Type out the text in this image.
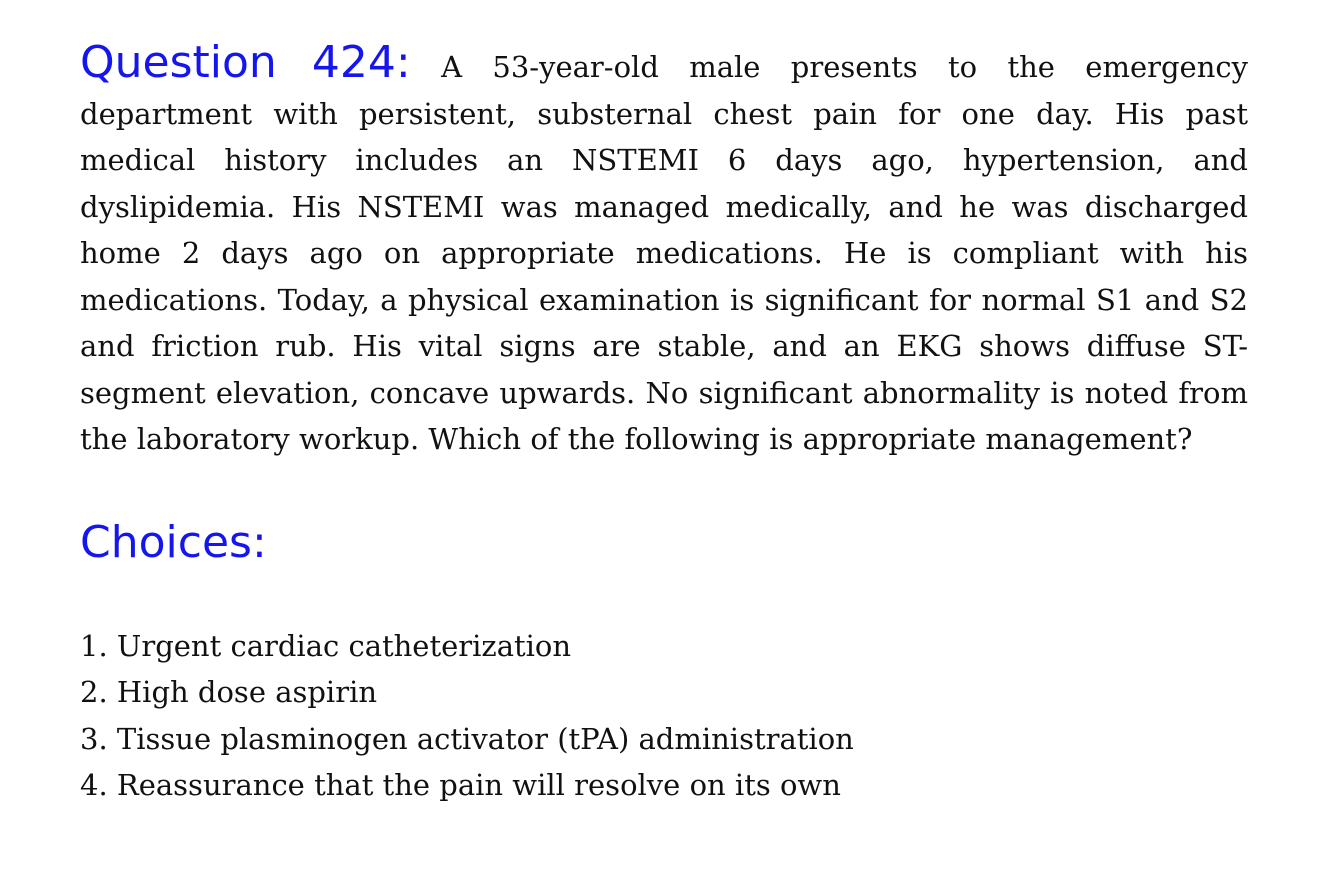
Question 424: A 53-year-old male presents to the emergency department with persistent, substernal chest pain for one day. His past medical history includes an NSTEMI 6 days ago, hypertension, and dyslipidemia. His NSTEMI was managed medically, and he was discharged home 2 days ago on appropriate medications. He is compliant with his medications. Today, a physical examination is significant for normal S1 and S2 and friction rub. His vital signs are stable, and an EKG shows diffuse ST-segment elevation, concave upwards. No significant abnormality is noted from the laboratory workup. Which of the following is appropriate management?

Choices:
1. Urgent cardiac catheterization
2. High dose aspirin
3. Tissue plasminogen activator (tPA) administration
4. Reassurance that the pain will resolve on its own
